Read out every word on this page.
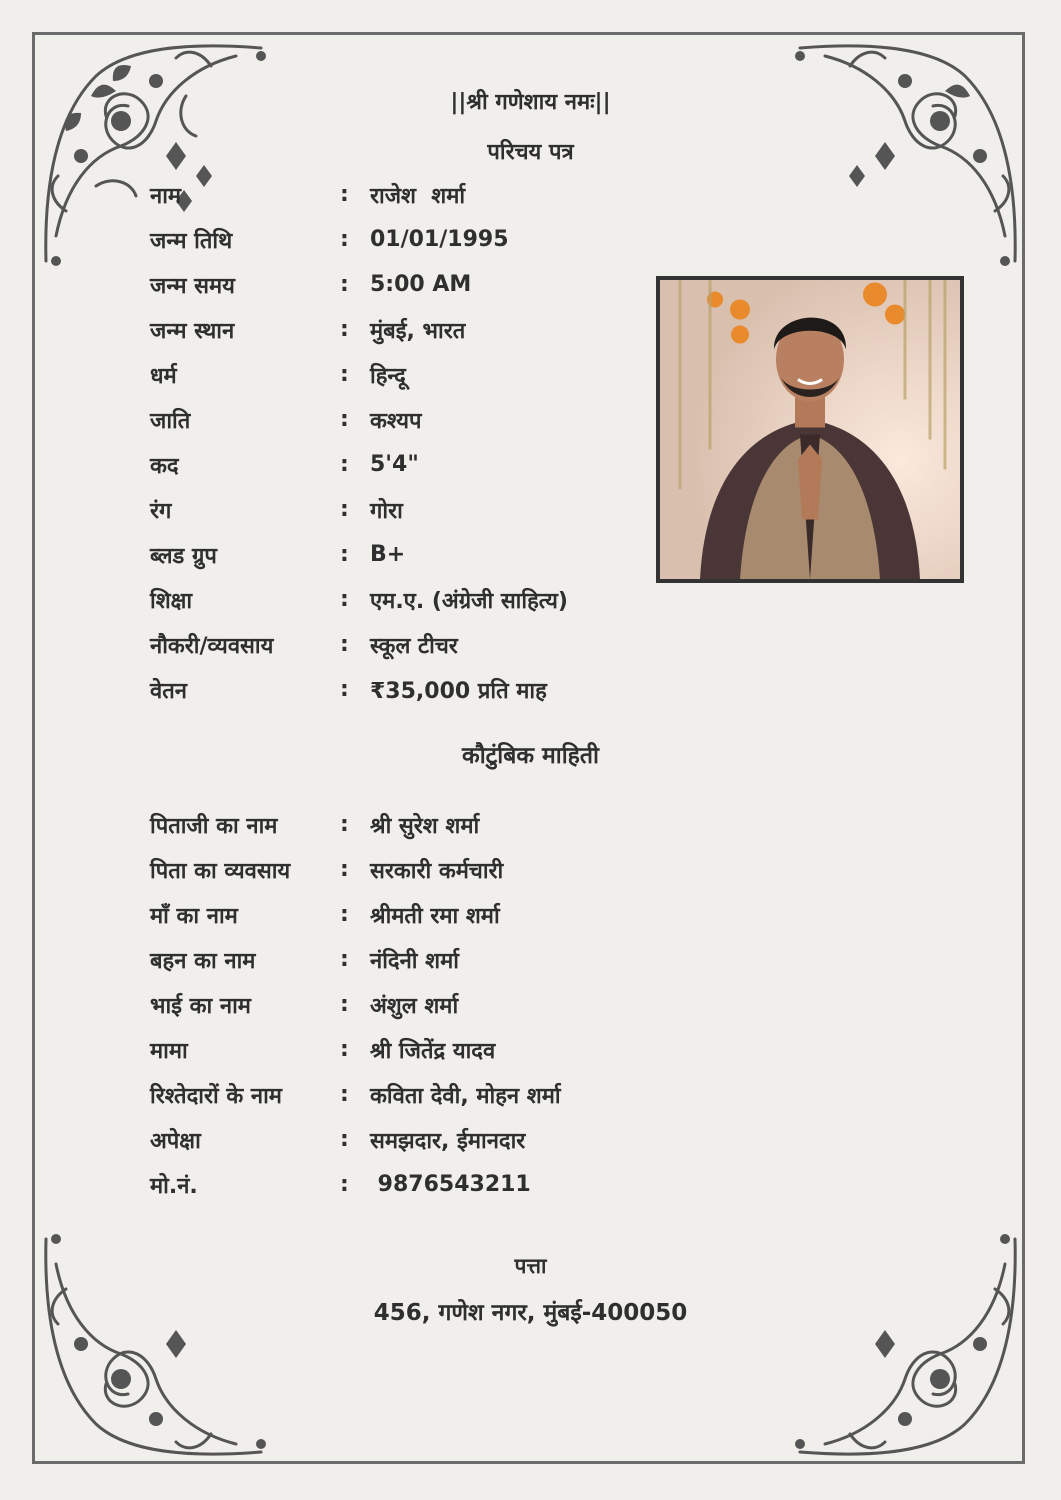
||श्री गणेशाय नमः||
परिचय पत्र
नाम	: राजेश  शर्मा
जन्म तिथि	: 01/01/1995
जन्म समय	: 5:00 AM
जन्म स्थान	: मुंबई, भारत
धर्म	: हिन्दू
जाति	: कश्यप
कद	: 5'4"
रंग	: गोरा
ब्लड ग्रुप	: B+
शिक्षा	: एम.ए. (अंग्रेजी साहित्य)
नौकरी/व्यवसाय	: स्कूल टीचर
वेतन	: ₹35,000 प्रति माह
कौटुंबिक माहिती
पिताजी का नाम	: श्री सुरेश शर्मा
पिता का व्यवसाय	: सरकारी कर्मचारी
माँ का नाम	: श्रीमती रमा शर्मा
बहन का नाम	: नंदिनी शर्मा
भाई का नाम	: अंशुल शर्मा
मामा	: श्री जितेंद्र यादव
रिश्तेदारों के नाम	: कविता देवी, मोहन शर्मा
अपेक्षा	: समझदार, ईमानदार
मो.नं.	: 9876543211
पत्ता
456, गणेश नगर, मुंबई-400050
